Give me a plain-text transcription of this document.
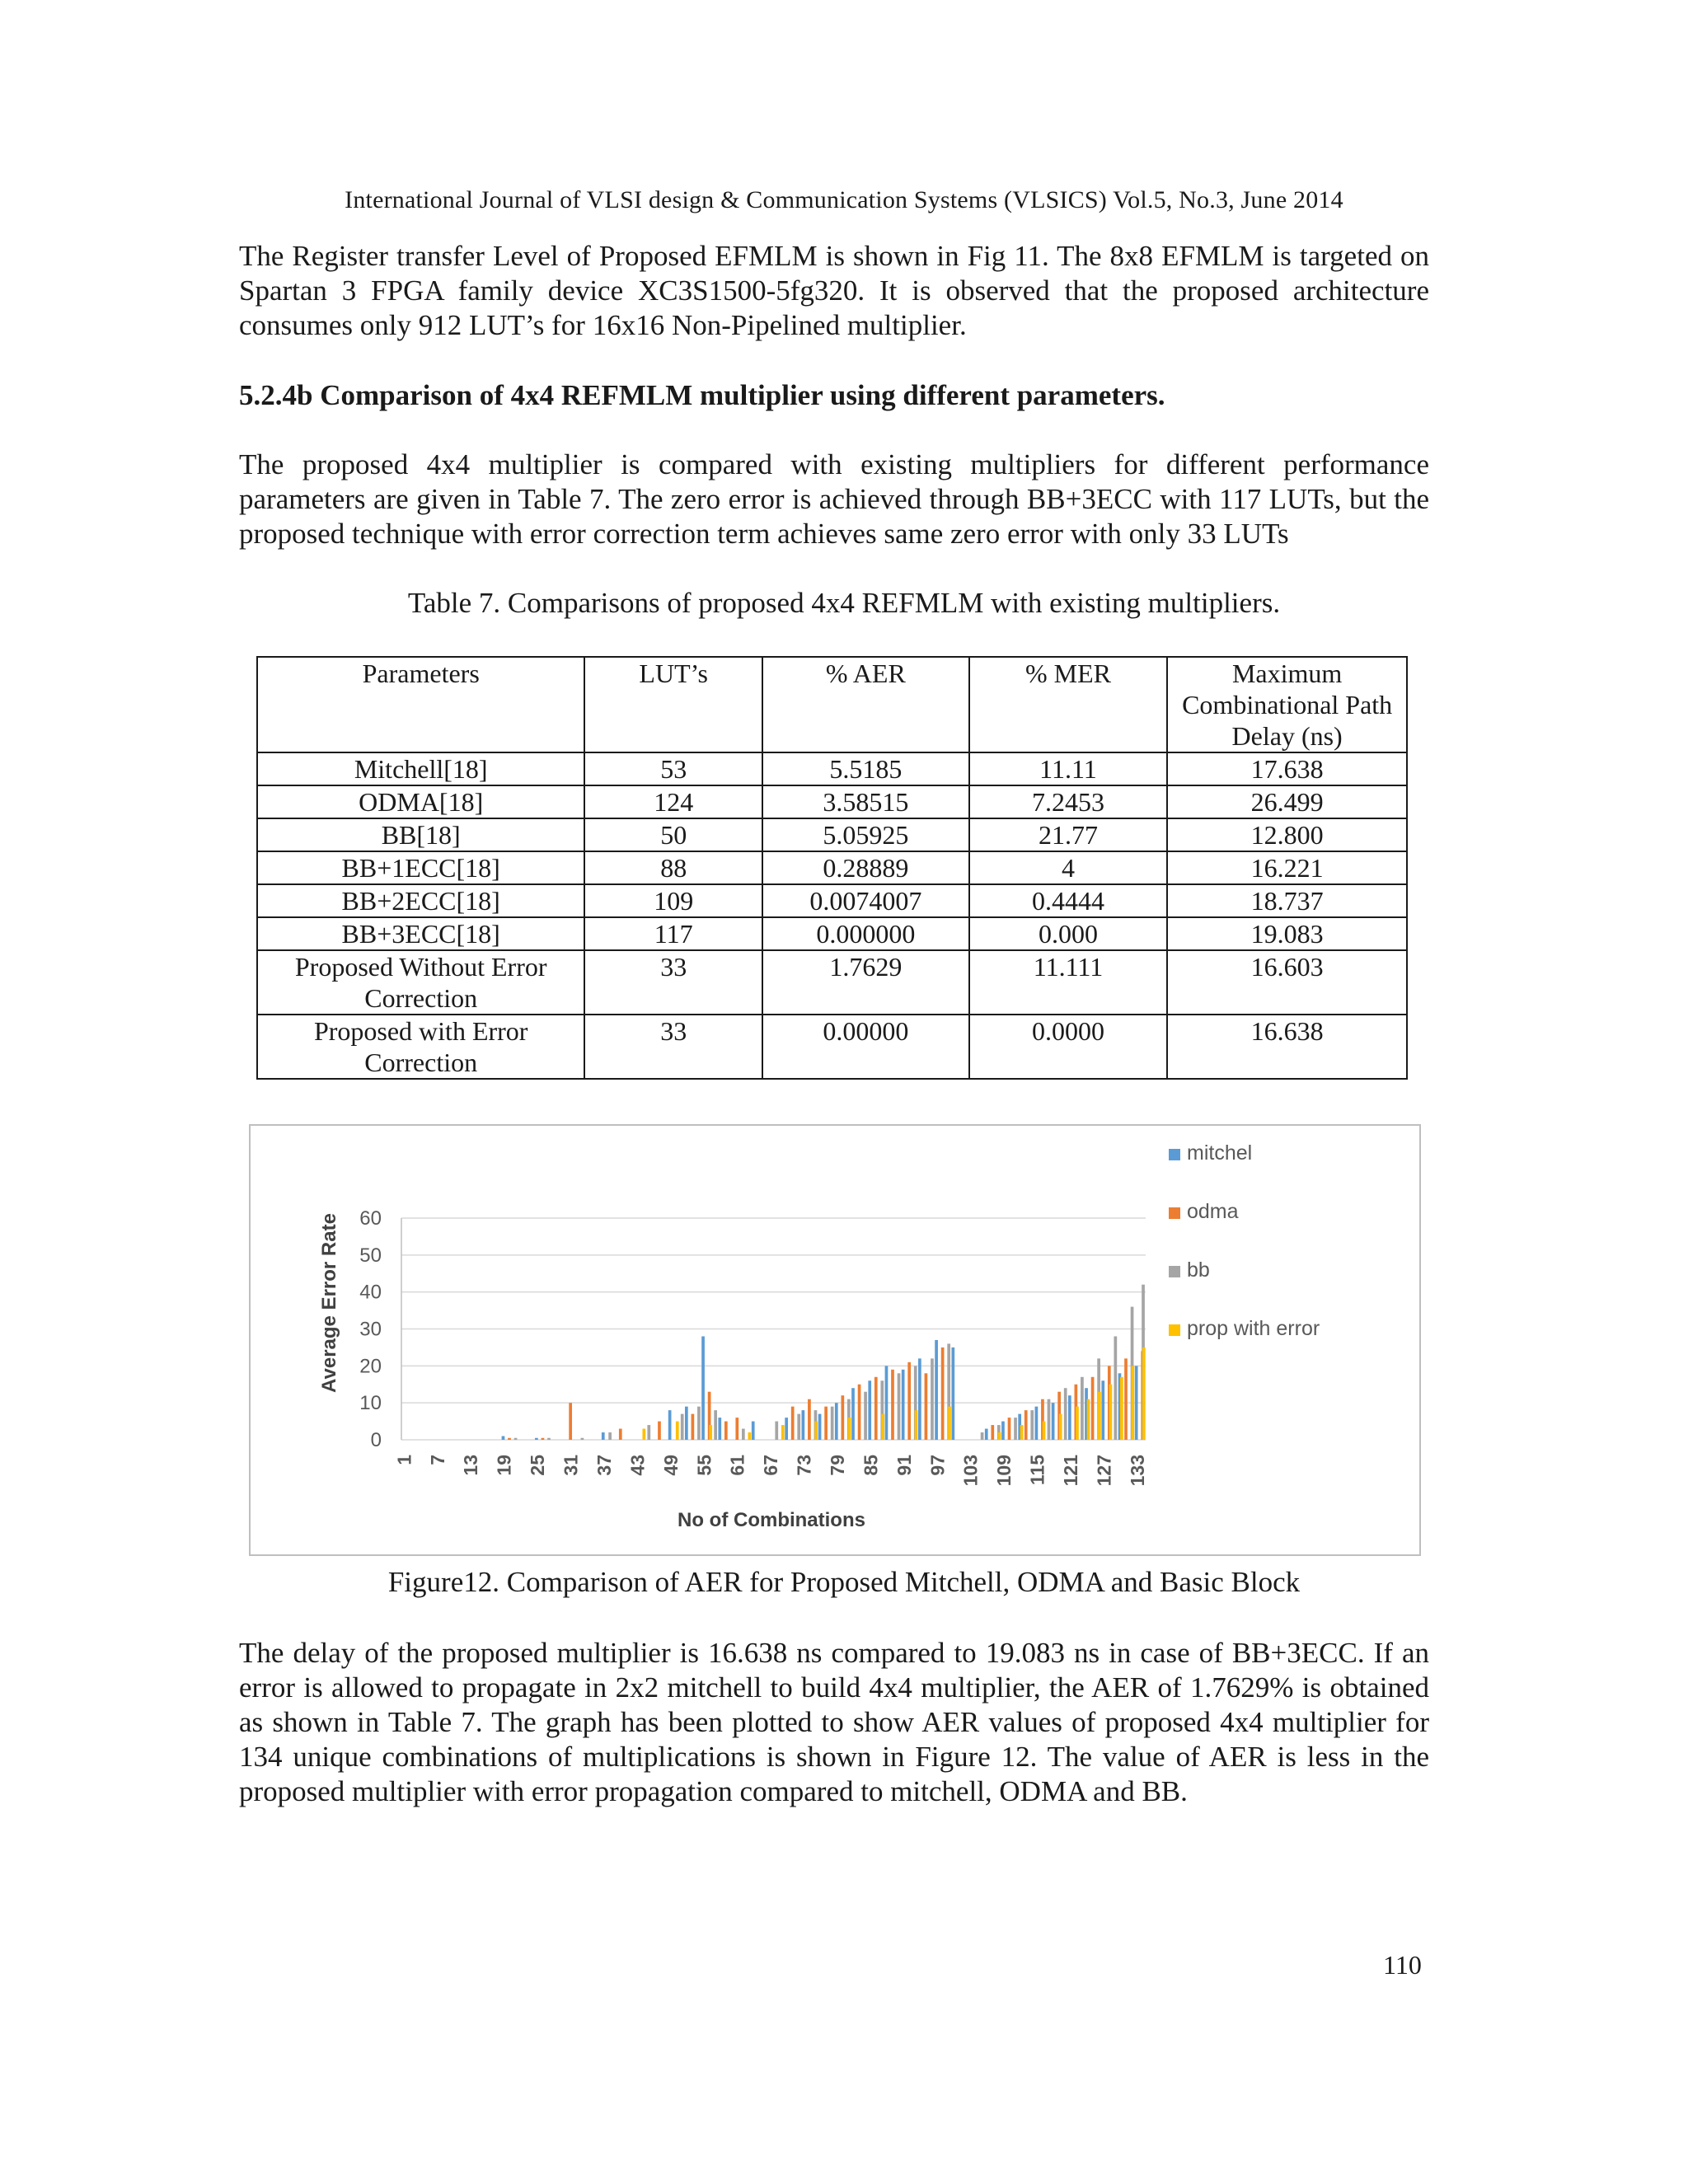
International Journal of VLSI design & Communication Systems (VLSICS) Vol.5, No.3, June 2014

The Register transfer Level of Proposed EFMLM is shown in Fig 11. The 8x8 EFMLM is targeted on Spartan 3 FPGA family device XC3S1500-5fg320. It is observed that the proposed architecture consumes only 912 LUT’s for 16x16 Non-Pipelined multiplier.

5.2.4b Comparison of 4x4 REFMLM multiplier using different parameters.

The proposed 4x4 multiplier is compared with existing multipliers for different performance parameters are given in Table 7. The zero error is achieved through BB+3ECC with 117 LUTs, but the proposed technique with error correction term achieves same zero error with only 33 LUTs

Table 7. Comparisons of proposed 4x4 REFMLM with existing multipliers.

Parameters	LUT’s	% AER	% MER	Maximum Combinational Path Delay (ns)
Mitchell[18]	53	5.5185	11.11	17.638
ODMA[18]	124	3.58515	7.2453	26.499
BB[18]	50	5.05925	21.77	12.800
BB+1ECC[18]	88	0.28889	4	16.221
BB+2ECC[18]	109	0.0074007	0.4444	18.737
BB+3ECC[18]	117	0.000000	0.000	19.083
Proposed Without Error Correction	33	1.7629	11.111	16.603
Proposed with Error Correction	33	0.00000	0.0000	16.638
0
10
20
30
40
50
60
1 7 13 19 25 31 37 43 49 55 61 67 73 79 85 91 97 103 109 115 121 127 133
Average Error Rate
No of Combinations
mitchel
odma
bb
prop with error

Figure12. Comparison of AER for Proposed Mitchell, ODMA and Basic Block

The delay of the proposed multiplier is 16.638 ns compared to 19.083 ns in case of BB+3ECC. If an error is allowed to propagate in 2x2 mitchell to build 4x4 multiplier, the AER of 1.7629% is obtained as shown in Table 7. The graph has been plotted to show AER values of proposed 4x4 multiplier for 134 unique combinations of multiplications is shown in Figure 12. The value of AER is less in the proposed multiplier with error propagation compared to mitchell, ODMA and BB.

110
